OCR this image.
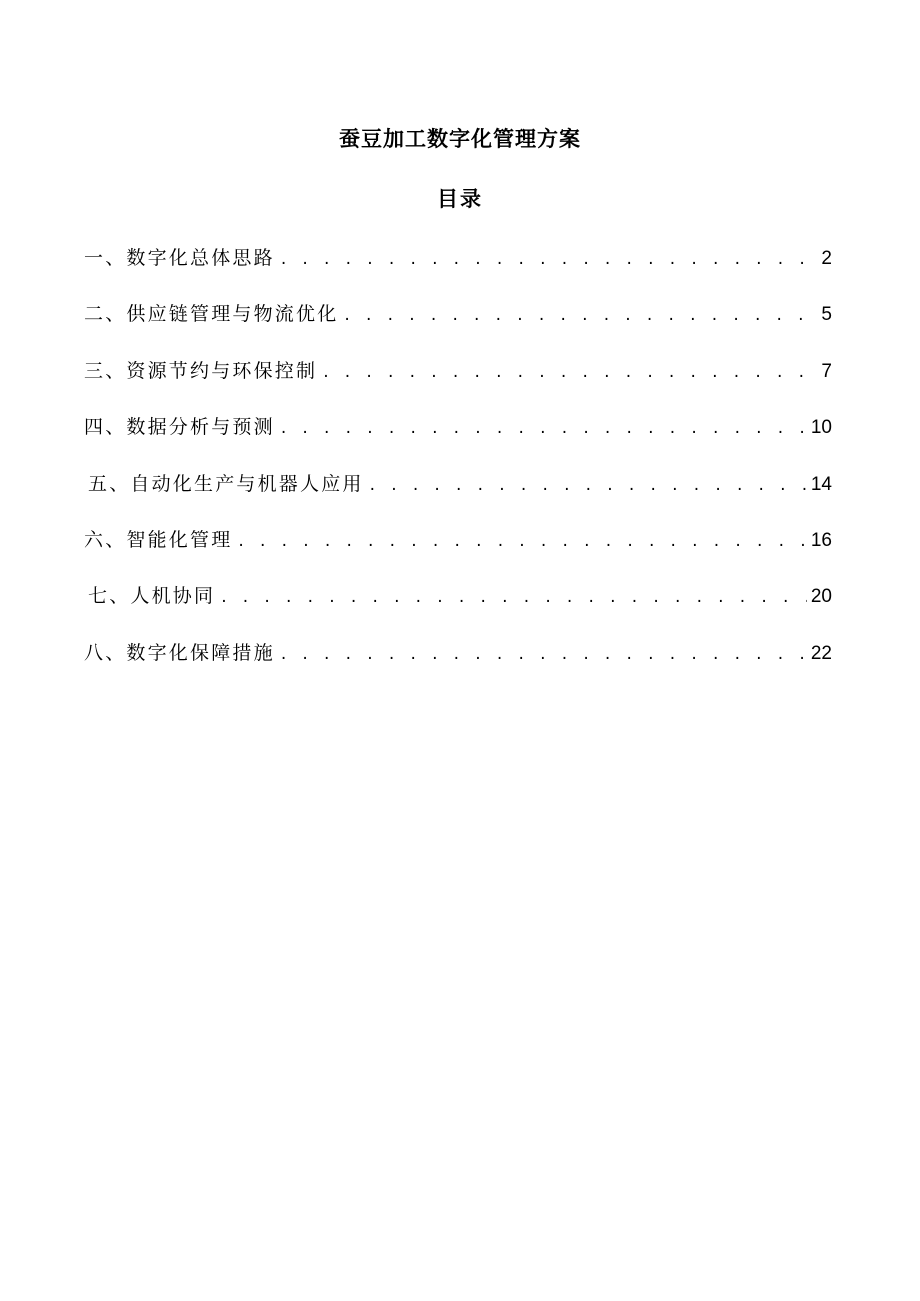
蚕豆加工数字化管理方案
目录
一、数字化总体思路 . . .	2
二、供应链管理与物流优化 . . .	5
三、资源节约与环保控制 . . .	7
四、数据分析与预测 . . .	10
五、自动化生产与机器人应用 . . .	14
六、智能化管理 . . .	16
七、人机协同 . . .	20
八、数字化保障措施 . . .	22
